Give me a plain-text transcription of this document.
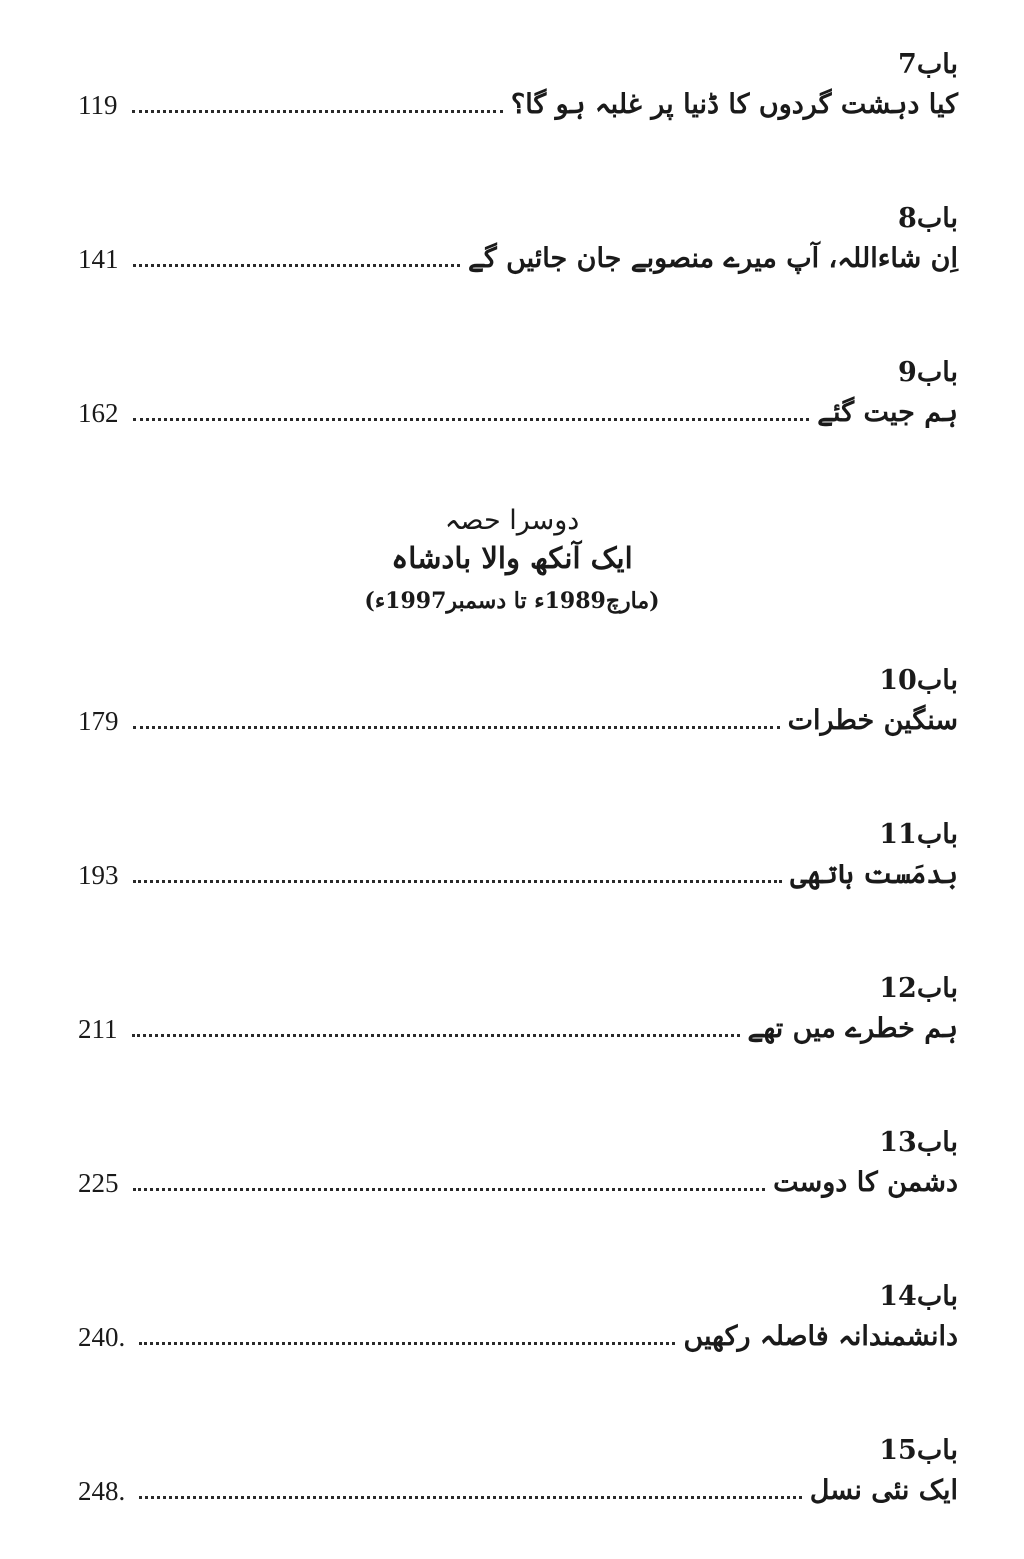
باب7
119	کیا دہشت گردوں کا ڈنیا پر غلبہ ہو گا؟
باب8
141	اِن شاءاللہ، آپ میرے منصوبے جان جائیں گے
باب9
162	ہم جیت گئے
دوسرا حصہ
ایک آنکھ والا بادشاہ
(مارچ1989ء تا دسمبر1997ء)
باب10
179	سنگین خطرات
باب11
193	بدمَست ہاتھی
باب12
211	ہم خطرے میں تھے
باب13
225	دشمن کا دوست
باب14
240.	دانشمندانہ فاصلہ رکھیں
باب15
248.	ایک نئی نسل
